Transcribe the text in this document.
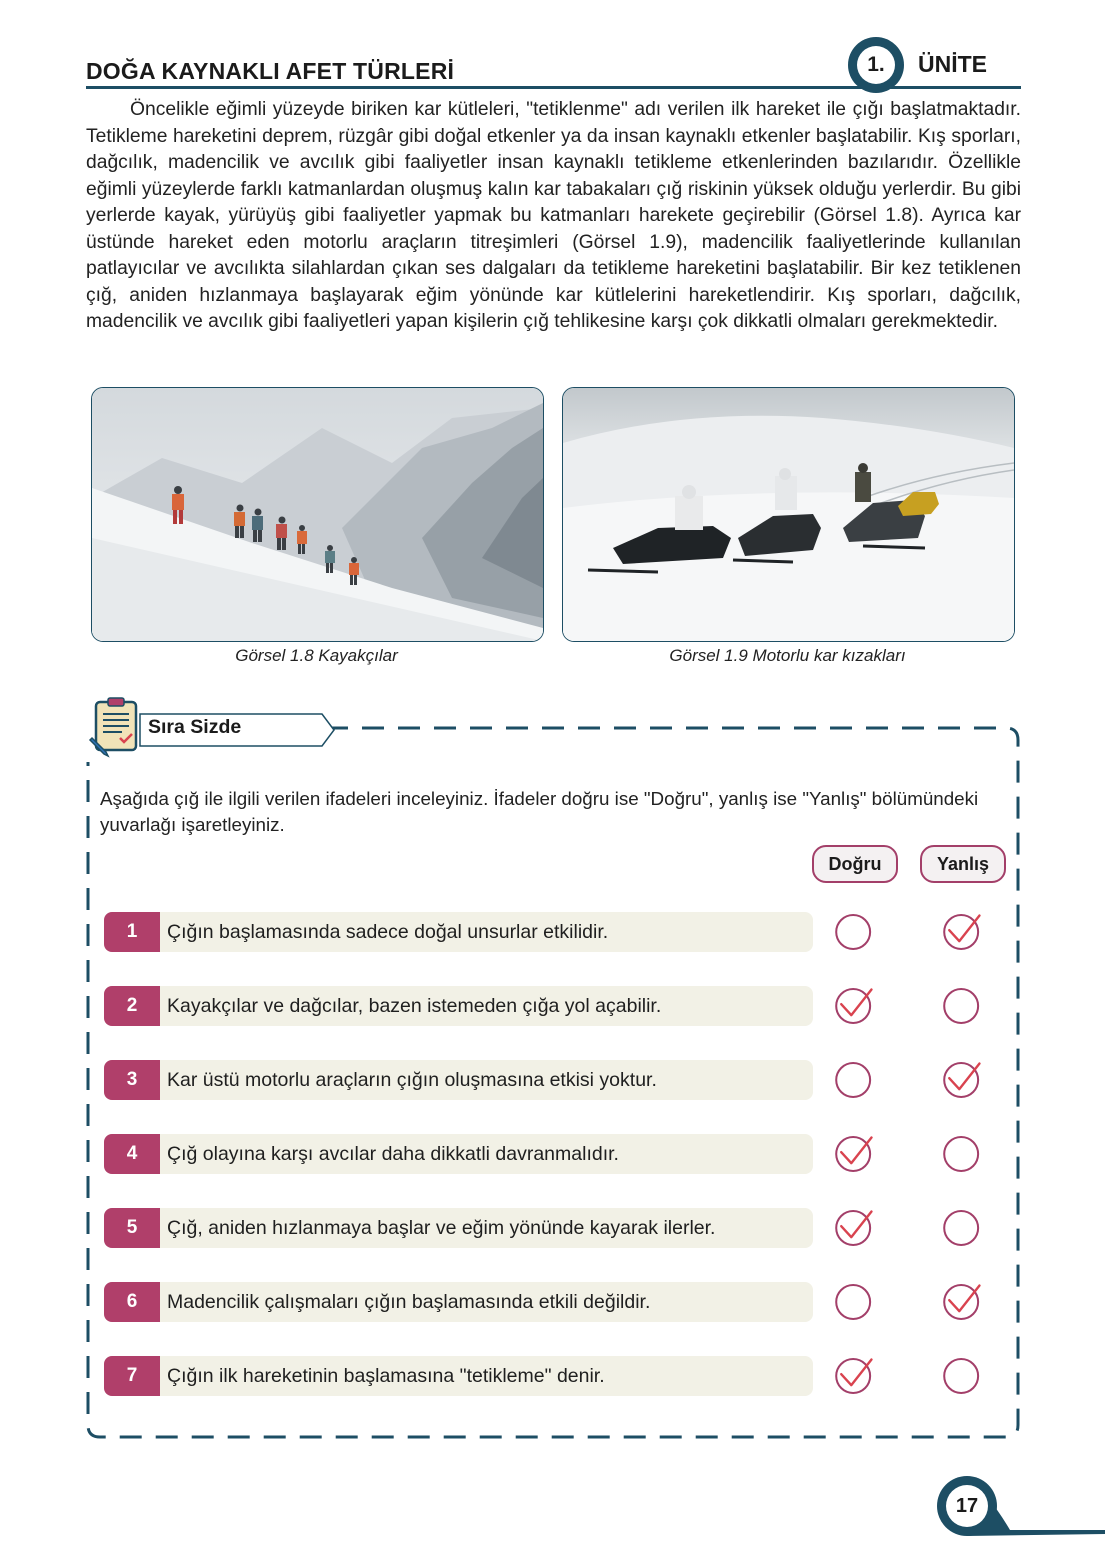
DOĞA KAYNAKLI AFET TÜRLERİ	1.	ÜNİTE
Öncelikle eğimli yüzeyde biriken kar kütleleri, "tetiklenme" adı verilen ilk hareket ile çığı başlatmaktadır. Tetikleme hareketini deprem, rüzgâr gibi doğal etkenler ya da insan kaynaklı etkenler başlatabilir. Kış sporları, dağcılık, madencilik ve avcılık gibi faaliyetler insan kaynaklı tetikleme etkenlerinden bazılarıdır. Özellikle eğimli yüzeylerde farklı katmanlardan oluşmuş kalın kar tabakaları çığ riskinin yüksek olduğu yerlerdir. Bu gibi yerlerde kayak, yürüyüş gibi faaliyetler yapmak bu katmanları harekete geçirebilir (Görsel 1.8). Ayrıca kar üstünde hareket eden motorlu araçların titreşimleri (Görsel 1.9), madencilik faaliyetlerinde kullanılan patlayıcılar ve avcılıkta silahlardan çıkan ses dalgaları da tetikleme hareketini başlatabilir. Bir kez tetiklenen çığ, aniden hızlanmaya başlayarak eğim yönünde kar kütlelerini hareketlendirir. Kış sporları, dağcılık, madencilik ve avcılık gibi faaliyetleri yapan kişilerin çığ tehlikesine karşı çok dikkatli olmaları gerekmektedir.
Görsel 1.8 Kayakçılar	Görsel 1.9 Motorlu kar kızakları
Sıra Sizde
Aşağıda çığ ile ilgili verilen ifadeleri inceleyiniz. İfadeler doğru ise "Doğru", yanlış ise "Yanlış" bölümündeki yuvarlağı işaretleyiniz.
Doğru	Yanlış
1	Çığın başlamasında sadece doğal unsurlar etkilidir.
2	Kayakçılar ve dağcılar, bazen istemeden çığa yol açabilir.
3	Kar üstü motorlu araçların çığın oluşmasına etkisi yoktur.
4	Çığ olayına karşı avcılar daha dikkatli davranmalıdır.
5	Çığ, aniden hızlanmaya başlar ve eğim yönünde kayarak ilerler.
6	Madencilik çalışmaları çığın başlamasında etkili değildir.
7	Çığın ilk hareketinin başlamasına "tetikleme" denir.
17
